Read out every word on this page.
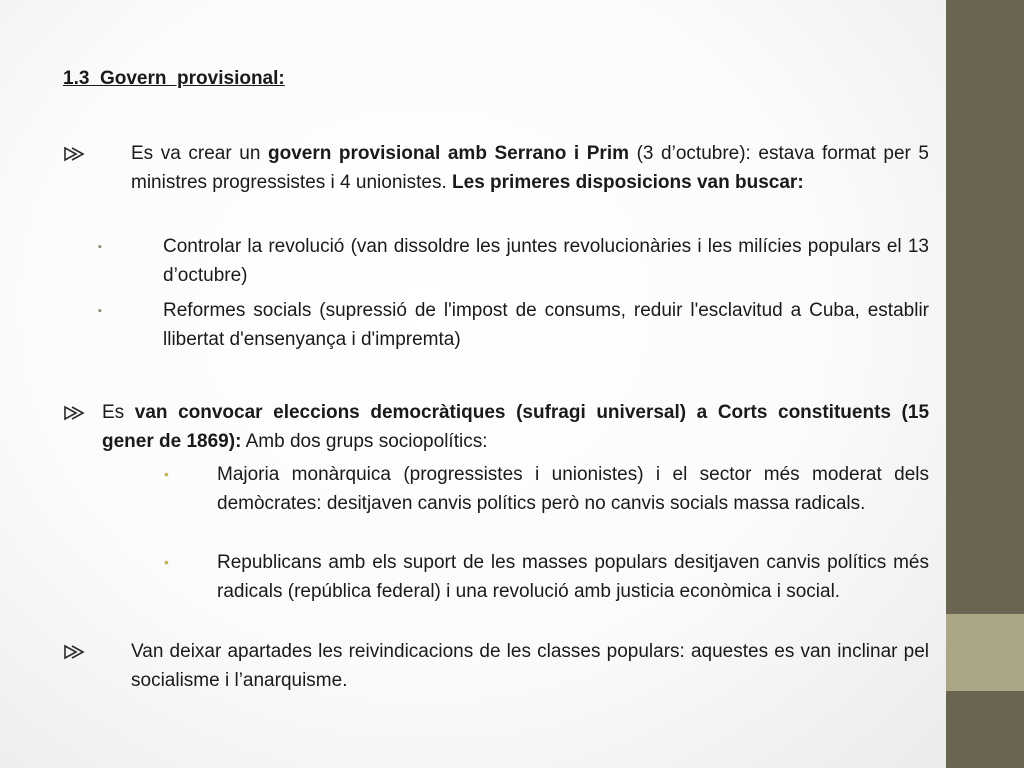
1.3  Govern  provisional:
Es va crear un govern provisional amb Serrano i Prim (3 d’octubre): estava format per 5 ministres progressistes i 4 unionistes. Les primeres disposicions van buscar:
▪	Controlar la revolució (van dissoldre les juntes revolucionàries i les milícies populars el 13 d’octubre)
▪	Reformes socials (supressió de l'impost de consums, reduir l'esclavitud a Cuba, establir llibertat d'ensenyança i d'impremta)
Es van convocar eleccions democràtiques (sufragi universal) a Corts constituents (15 gener de 1869): Amb dos grups sociopolítics:
•	Majoria monàrquica (progressistes i unionistes) i el sector més moderat dels demòcrates: desitjaven canvis polítics però no canvis socials massa radicals.
•	Republicans amb els suport de les masses populars desitjaven canvis polítics més radicals (república federal) i una revolució amb justicia econòmica i social.
Van deixar apartades les reivindicacions de les classes populars: aquestes es van inclinar pel socialisme i l’anarquisme.
